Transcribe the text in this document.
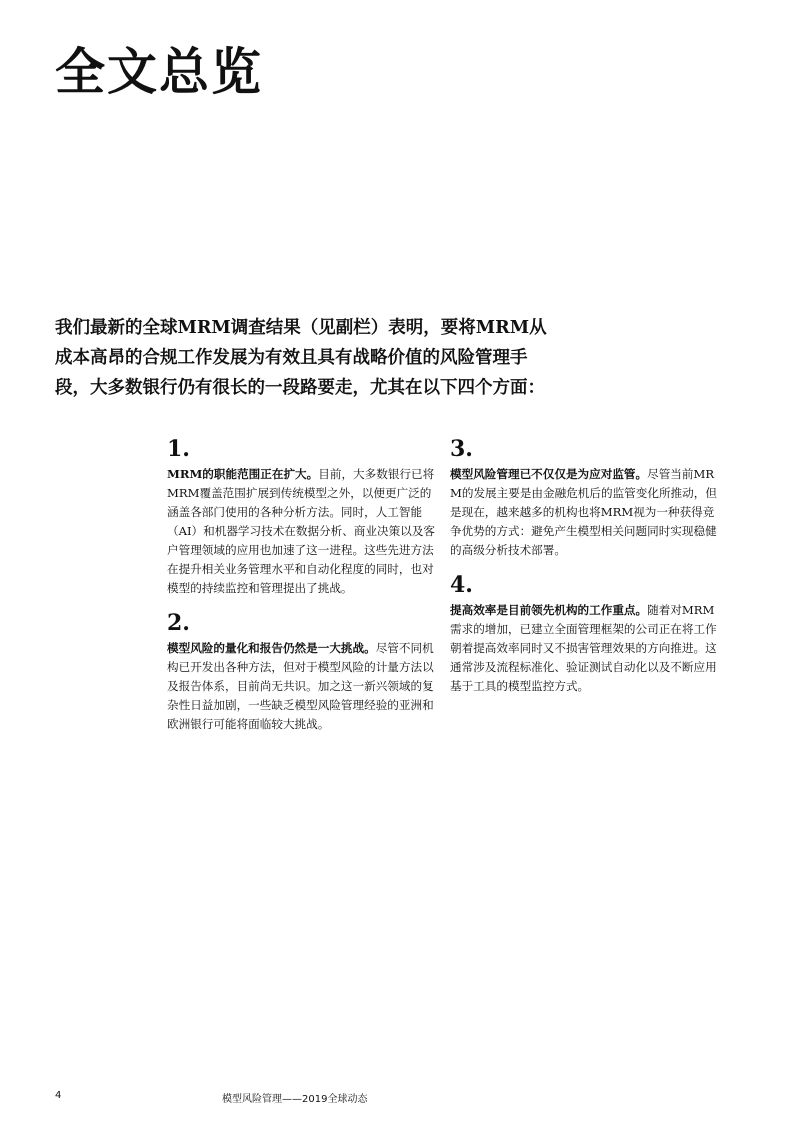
全文总览
我们最新的全球MRM调查结果（见副栏）表明，要将MRM从
成本高昂的合规工作发展为有效且具有战略价值的风险管理手
段，大多数银行仍有很长的一段路要走，尤其在以下四个方面：
1.
MRM的职能范围正在扩大。目前，大多数银行已将MRM覆盖范围扩展到传统模型之外，以便更广泛的涵盖各部门使用的各种分析方法。同时，人工智能（AI）和机器学习技术在数据分析、商业决策以及客户管理领域的应用也加速了这一进程。这些先进方法在提升相关业务管理水平和自动化程度的同时，也对模型的持续监控和管理提出了挑战。
2.
模型风险的量化和报告仍然是一大挑战。尽管不同机构已开发出各种方法，但对于模型风险的计量方法以及报告体系，目前尚无共识。加之这一新兴领域的复杂性日益加剧，一些缺乏模型风险管理经验的亚洲和欧洲银行可能将面临较大挑战。
3.
模型风险管理已不仅仅是为应对监管。尽管当前MRM的发展主要是由金融危机后的监管变化所推动，但是现在，越来越多的机构也将MRM视为一种获得竞争优势的方式：避免产生模型相关问题同时实现稳健的高级分析技术部署。
4.
提高效率是目前领先机构的工作重点。随着对MRM需求的增加，已建立全面管理框架的公司正在将工作朝着提高效率同时又不损害管理效果的方向推进。这通常涉及流程标准化、验证测试自动化以及不断应用基于工具的模型监控方式。
4	模型风险管理——2019全球动态
